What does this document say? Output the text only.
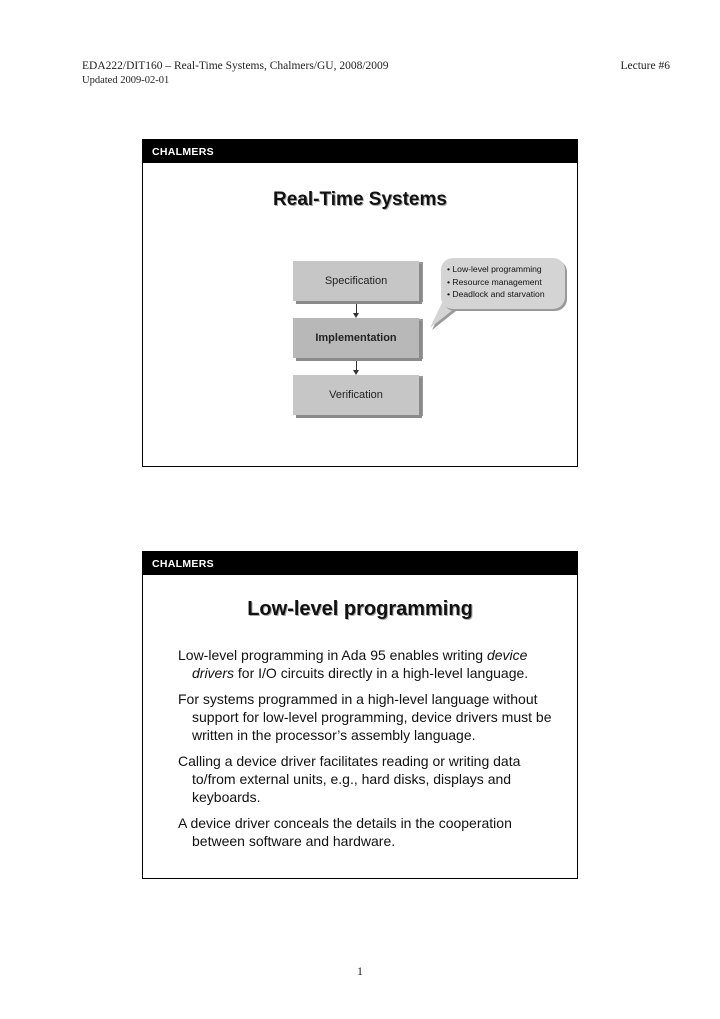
EDA222/DIT160 – Real-Time Systems, Chalmers/GU, 2008/2009	Lecture #6
Updated 2009-02-01
CHALMERS
Real-Time Systems
Specification
Implementation
Verification
• Low-level programming
• Resource management
• Deadlock and starvation
CHALMERS
Low-level programming
Low-level programming in Ada 95 enables writing device drivers for I/O circuits directly in a high-level language.
For systems programmed in a high-level language without support for low-level programming, device drivers must be written in the processor’s assembly language.
Calling a device driver facilitates reading or writing data to/from external units, e.g., hard disks, displays and keyboards.
A device driver conceals the details in the cooperation between software and hardware.
1
